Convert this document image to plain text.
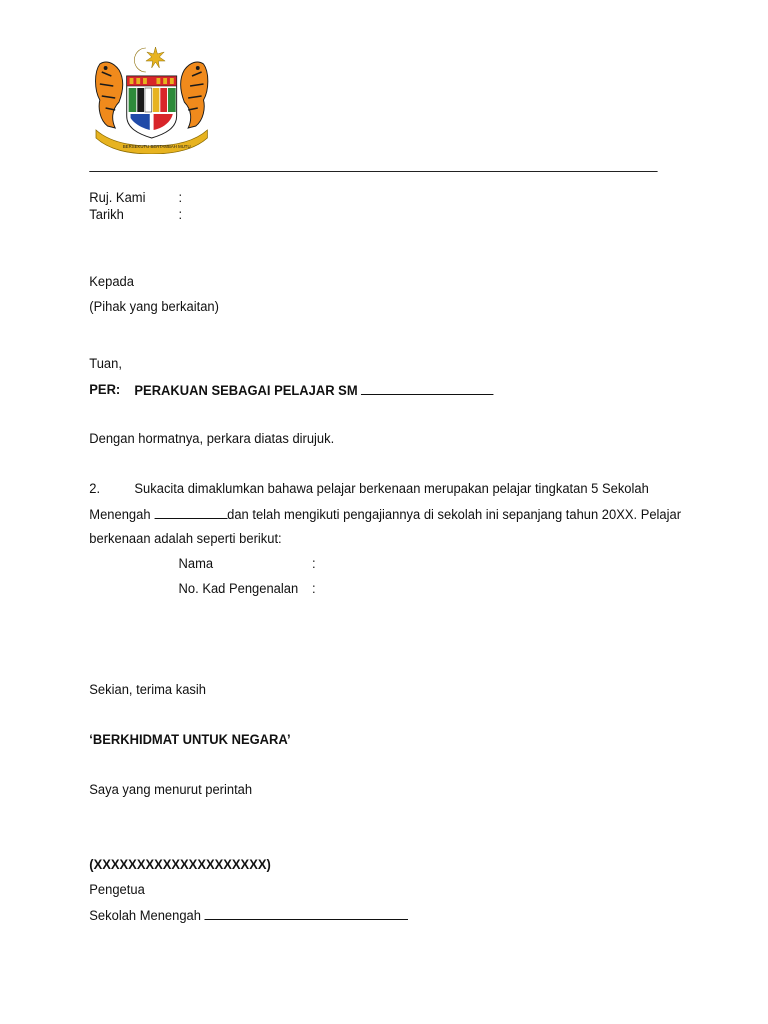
BERSEKUTU BERTAMBAH MUTU
Ruj. Kami :
Tarikh	:
Kepada
(Pihak yang berkaitan)
Tuan,
PER: PERAKUAN SEBAGAI PELAJAR SM
Dengan hormatnya, perkara diatas dirujuk.
2.	Sukacita dimaklumkan bahawa pelajar berkenaan merupakan pelajar tingkatan 5 Sekolah
Menengah	dan telah mengikuti pengajiannya di sekolah ini sepanjang tahun 20XX. Pelajar
berkenaan adalah seperti berikut:
Nama	:
No. Kad Pengenalan :
Sekian, terima kasih
‘BERKHIDMAT UNTUK NEGARA’
Saya yang menurut perintah
(XXXXXXXXXXXXXXXXXXXX)
Pengetua
Sekolah Menengah
